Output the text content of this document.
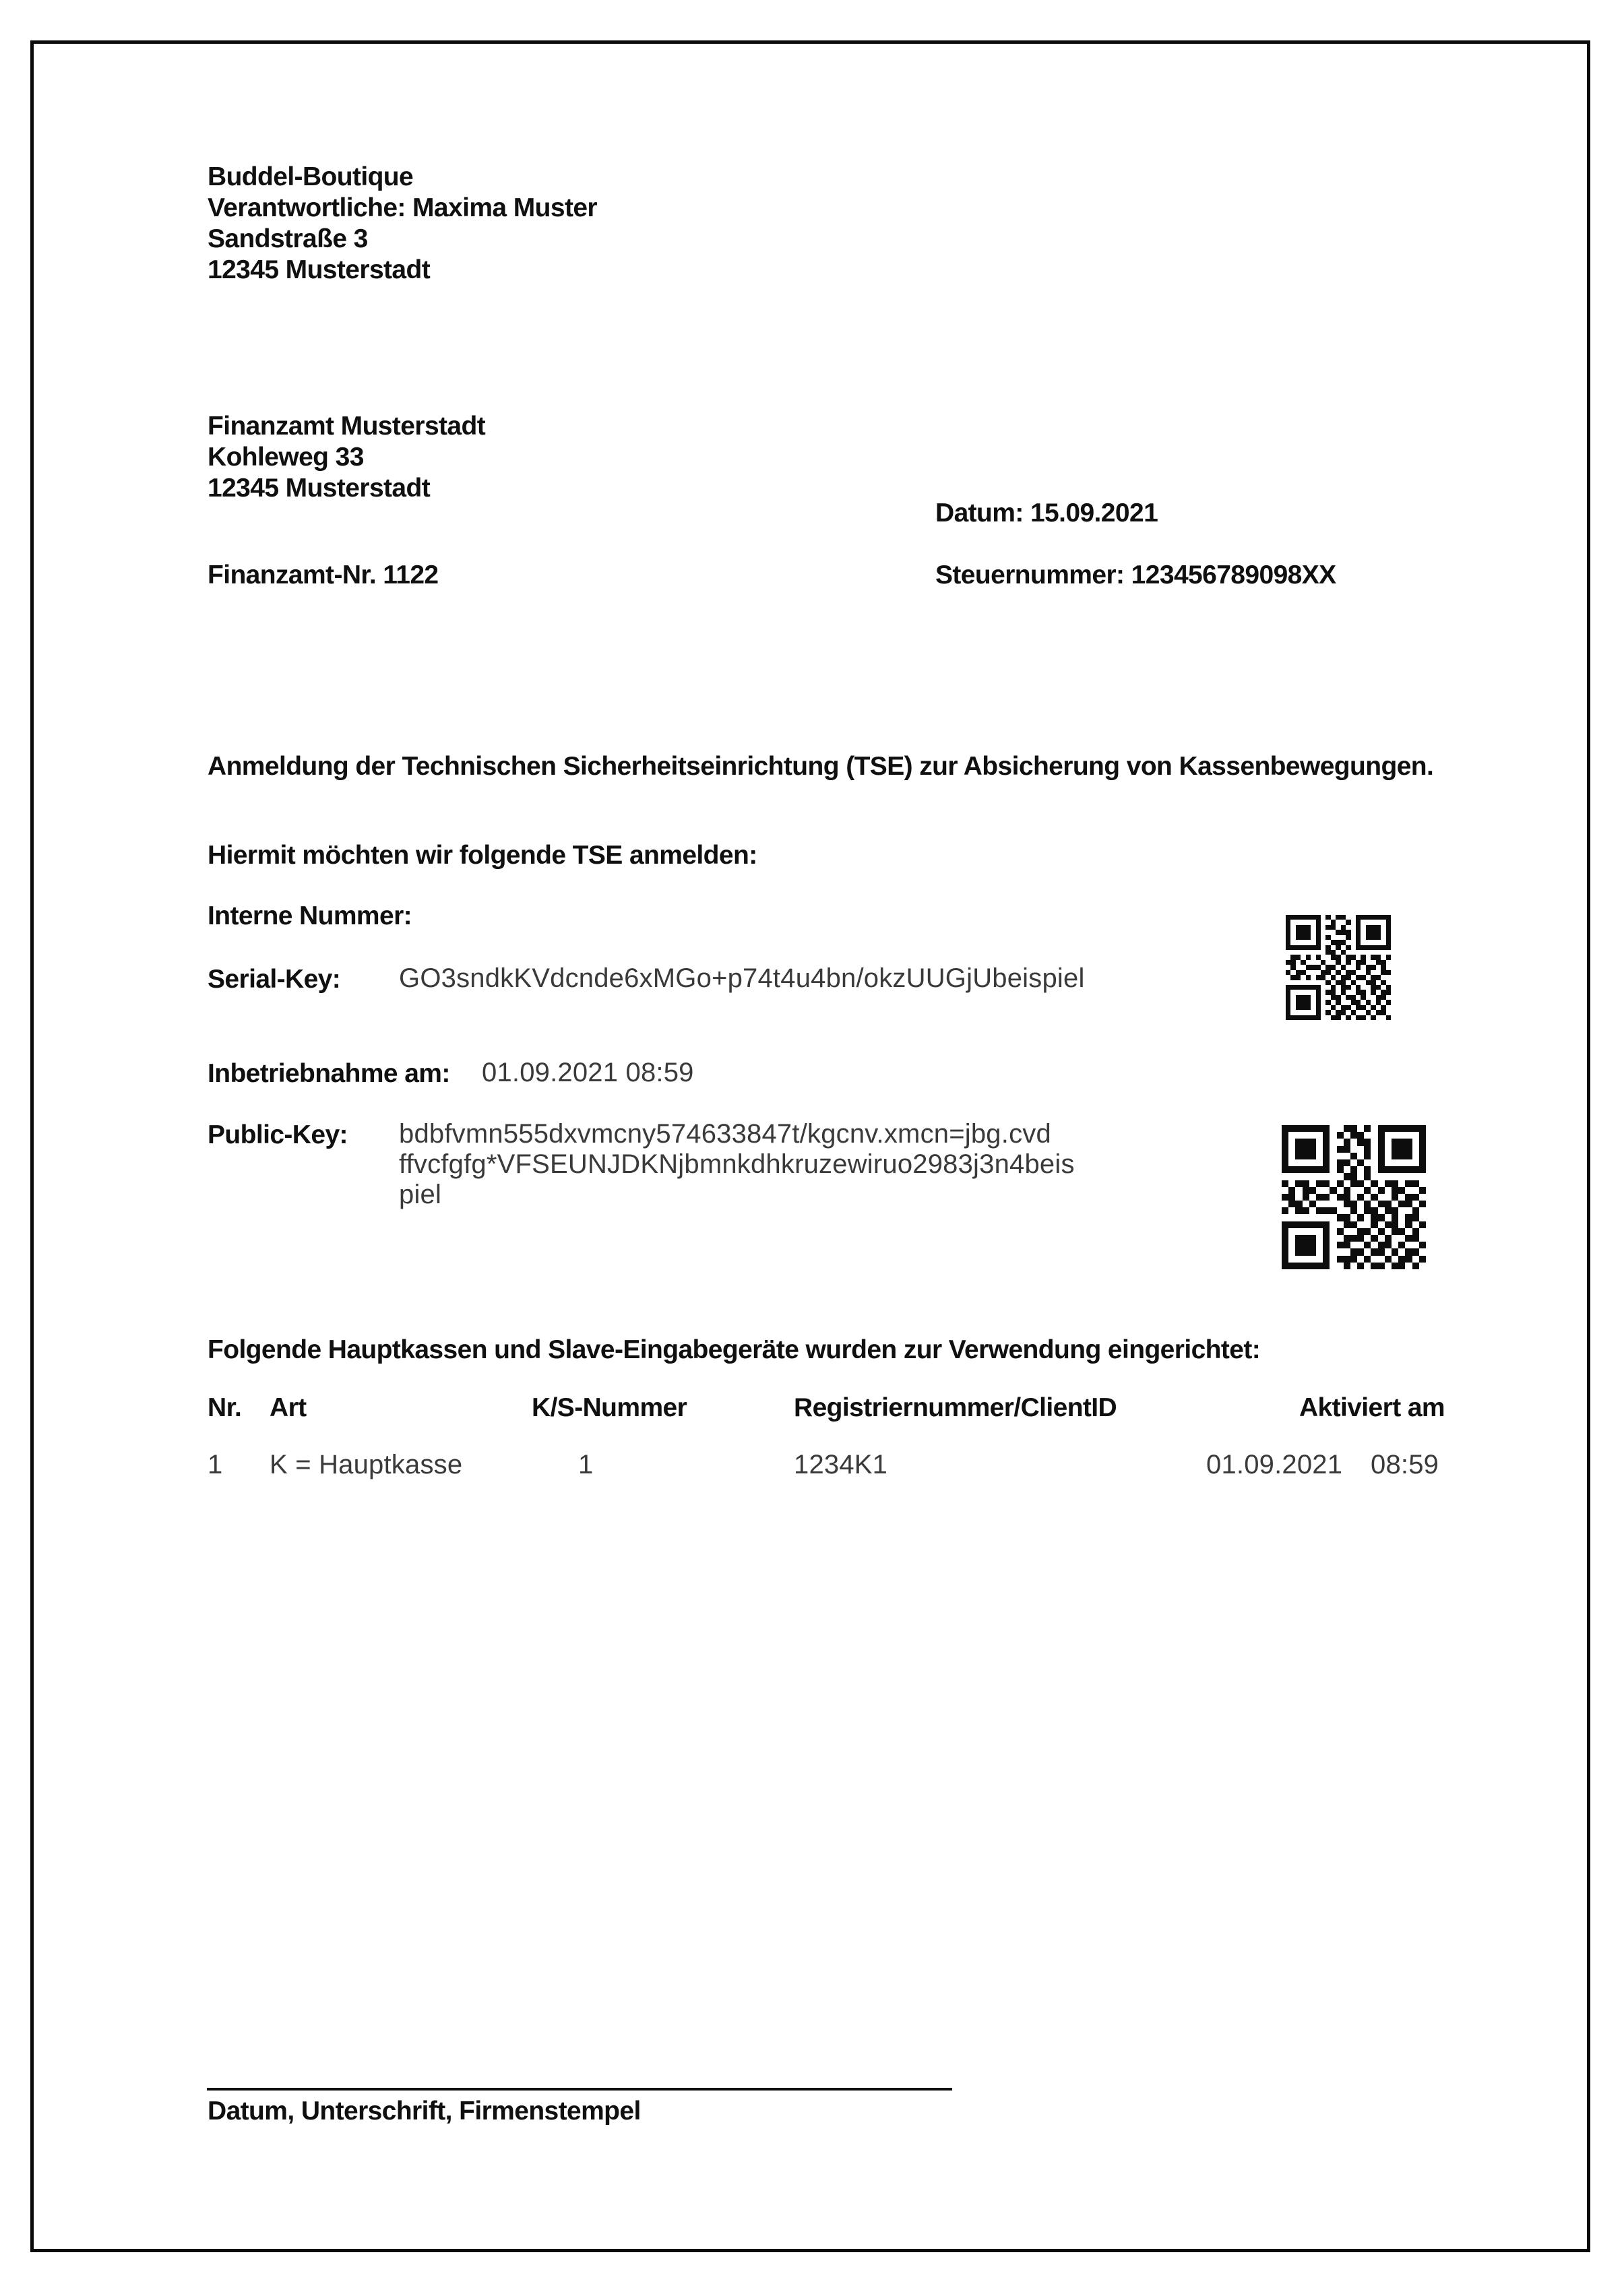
Buddel-Boutique
Verantwortliche: Maxima Muster
Sandstraße 3
12345 Musterstadt
Finanzamt Musterstadt
Kohleweg 33
12345 Musterstadt
Datum: 15.09.2021
Finanzamt-Nr. 1122	Steuernummer: 123456789098XX
Anmeldung der Technischen Sicherheitseinrichtung (TSE) zur Absicherung von Kassenbewegungen.
Hiermit möchten wir folgende TSE anmelden:
Interne Nummer:
Serial-Key: GO3sndkKVdcnde6xMGo+p74t4u4bn/okzUUGjUbeispiel
Inbetriebnahme am: 01.09.2021 08:59
Public-Key: bdbfvmn555dxvmcny574633847t/kgcnv.xmcn=jbg.cvd
ffvcfgfg*VFSEUNJDKNjbmnkdhkruzewiruo2983j3n4beis
piel
Folgende Hauptkassen und Slave-Eingabegeräte wurden zur Verwendung eingerichtet:
Nr. Art	K/S-Nummer	Registriernummer/ClientID	Aktiviert am
1 K = Hauptkasse	1	1234K1	01.09.2021 08:59
Datum, Unterschrift, Firmenstempel
